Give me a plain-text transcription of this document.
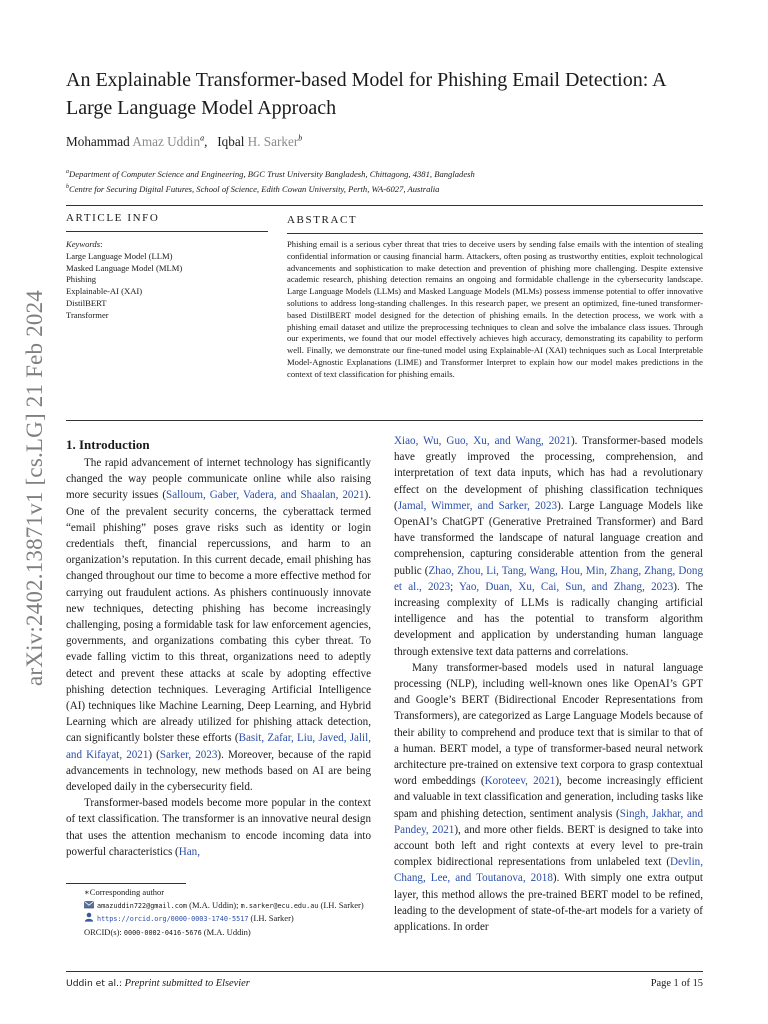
arXiv:2402.13871v1 [cs.LG] 21 Feb 2024
An Explainable Transformer-based Model for Phishing Email Detection: A Large Language Model Approach
Mohammad Amaz Uddin$^a$,   Iqbal H. Sarker$^b$
$^a$Department of Computer Science and Engineering, BGC Trust University Bangladesh, Chittagong, 4381, Bangladesh
$^b$Centre for Securing Digital Futures, School of Science, Edith Cowan University, Perth, WA-6027, Australia
ARTICLE INFO	ABSTRACT
Keywords:
Large Language Model (LLM)
Masked Language Model (MLM)
Phishing
Explainable-AI (XAI)
DistilBERT
Transformer

Phishing email is a serious cyber threat that tries to deceive users by sending false emails with the intention of stealing confidential information or causing financial harm. Attackers, often posing as trustworthy entities, exploit technological advancements and sophistication to make detection and prevention of phishing more challenging. Despite extensive academic research, phishing detection remains an ongoing and formidable challenge in the cybersecurity landscape. Large Language Models (LLMs) and Masked Language Models (MLMs) possess immense potential to offer innovative solutions to address long-standing challenges. In this research paper, we present an optimized, fine-tuned transformer-based DistilBERT model designed for the detection of phishing emails. In the detection process, we work with a phishing email dataset and utilize the preprocessing techniques to clean and solve the imbalance class issues. Through our experiments, we found that our model effectively achieves high accuracy, demonstrating its capability to perform well. Finally, we demonstrate our fine-tuned model using Explainable-AI (XAI) techniques such as Local Interpretable Model-Agnostic Explanations (LIME) and Transformer Interpret to explain how our model makes predictions in the context of text classification for phishing emails.

1. Introduction

The rapid advancement of internet technology has significantly changed the way people communicate online while also raising more security issues (Salloum, Gaber, Vadera, and Shaalan, 2021). One of the prevalent security concerns, the cyberattack termed “email phishing” poses grave risks such as identity or login credentials theft, financial repercussions, and harm to an organization’s reputation. In this current decade, email phishing has changed throughout our time to become a more effective method for carrying out fraudulent actions. As phishers continuously innovate new techniques, detecting phishing has become increasingly challenging, posing a formidable task for law enforcement agencies, governments, and organizations combating this cyber threat. To evade falling victim to this threat, organizations need to adeptly detect and prevent these attacks at scale by adopting effective phishing detection techniques. Leveraging Artificial Intelligence (AI) techniques like Machine Learning, Deep Learning, and Hybrid Learning which are already utilized for phishing attack detection, can significantly bolster these efforts (Basit, Zafar, Liu, Javed, Jalil, and Kifayat, 2021) (Sarker, 2023). Moreover, because of the rapid advancements in technology, new methods based on AI are being developed daily in the cybersecurity field.

Transformer-based models become more popular in the context of text classification. The transformer is an innovative neural design that uses the attention mechanism to encode incoming data into powerful characteristics (Han,

Xiao, Wu, Guo, Xu, and Wang, 2021). Transformer-based models have greatly improved the processing, comprehension, and interpretation of text data inputs, which has had a revolutionary effect on the development of phishing classification techniques (Jamal, Wimmer, and Sarker, 2023). Large Language Models like OpenAI’s ChatGPT (Generative Pretrained Transformer) and Bard have transformed the landscape of natural language creation and comprehension, capturing considerable attention from the general public (Zhao, Zhou, Li, Tang, Wang, Hou, Min, Zhang, Zhang, Dong et al., 2023; Yao, Duan, Xu, Cai, Sun, and Zhang, 2023). The increasing complexity of LLMs is radically changing artificial intelligence and has the potential to transform algorithm development and application by understanding human language through extensive text data patterns and correlations.

Many transformer-based models used in natural language processing (NLP), including well-known ones like OpenAI’s GPT and Google’s BERT (Bidirectional Encoder Representations from Transformers), are categorized as Large Language Models because of their ability to comprehend and produce text that is similar to that of a human. BERT model, a type of transformer-based neural network architecture pre-trained on extensive text corpora to grasp contextual word embeddings (Koroteev, 2021), become increasingly efficient and valuable in text classification and generation, including tasks like spam and phishing detection, sentiment analysis (Singh, Jakhar, and Pandey, 2021), and more other fields. BERT is designed to take into account both left and right contexts at every level to pre-train complex bidirectional representations from unlabeled text (Devlin, Chang, Lee, and Toutanova, 2018). With simply one extra output layer, this method allows the pre-trained BERT model to be refined, leading to the development of state-of-the-art models for a variety of applications. In order

∗Corresponding author
amazuddin722@gmail.com (M.A. Uddin); m.sarker@ecu.edu.au (I.H. Sarker)
https://orcid.org/0000-0003-1740-5517 (I.H. Sarker)
ORCID(s): 0000-0002-0416-5676 (M.A. Uddin)
Uddin et al.: Preprint submitted to Elsevier	Page 1 of 15
